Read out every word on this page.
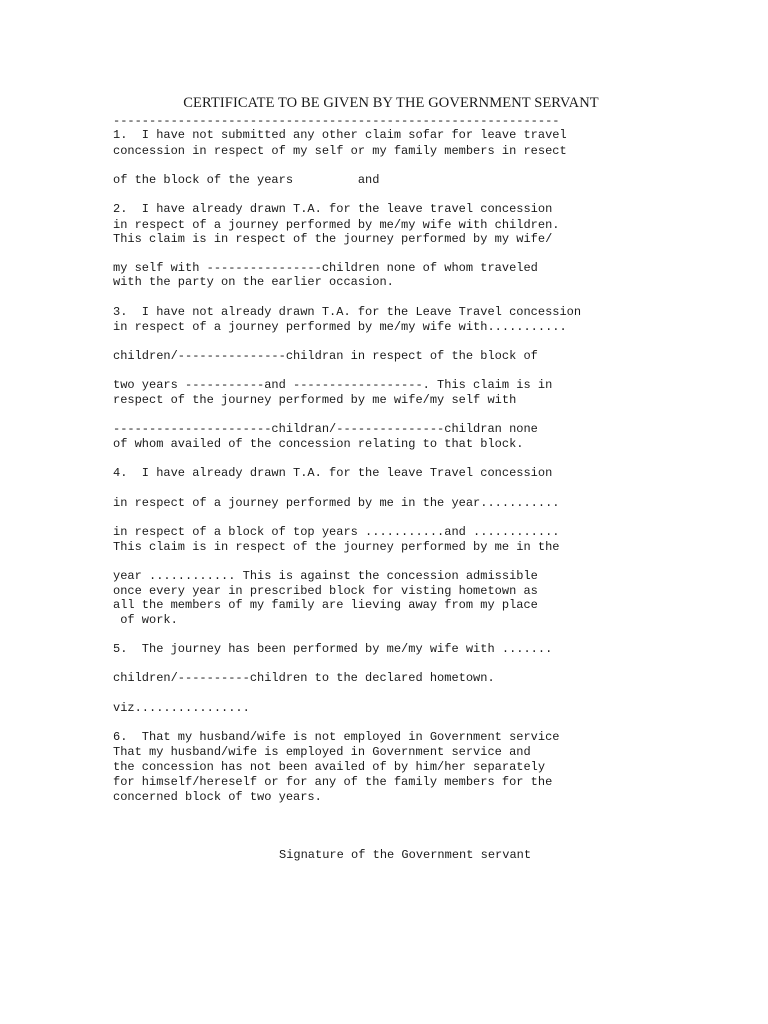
CERTIFICATE TO BE GIVEN BY THE GOVERNMENT SERVANT
--------------------------------------------------------------
1.  I have not submitted any other claim sofar for leave travel
concession in respect of my self or my family members in resect
of the block of the years         and
2.  I have already drawn T.A. for the leave travel concession
in respect of a journey performed by me/my wife with children.
This claim is in respect of the journey performed by my wife/
my self with ----------------children none of whom traveled
with the party on the earlier occasion.
3.  I have not already drawn T.A. for the Leave Travel concession
in respect of a journey performed by me/my wife with...........
children/---------------childran in respect of the block of
two years -----------and ------------------. This claim is in
respect of the journey performed by me wife/my self with
----------------------childran/---------------childran none
of whom availed of the concession relating to that block.
4.  I have already drawn T.A. for the leave Travel concession
in respect of a journey performed by me in the year...........
in respect of a block of top years ...........and ............
This claim is in respect of the journey performed by me in the
year ............ This is against the concession admissible
once every year in prescribed block for visting hometown as
all the members of my family are lieving away from my place
of work.
5.  The journey has been performed by me/my wife with .......
children/----------children to the declared hometown.
viz................
6.  That my husband/wife is not employed in Government service
That my husband/wife is employed in Government service and
the concession has not been availed of by him/her separately
for himself/hereself or for any of the family members for the
concerned block of two years.
Signature of the Government servant
